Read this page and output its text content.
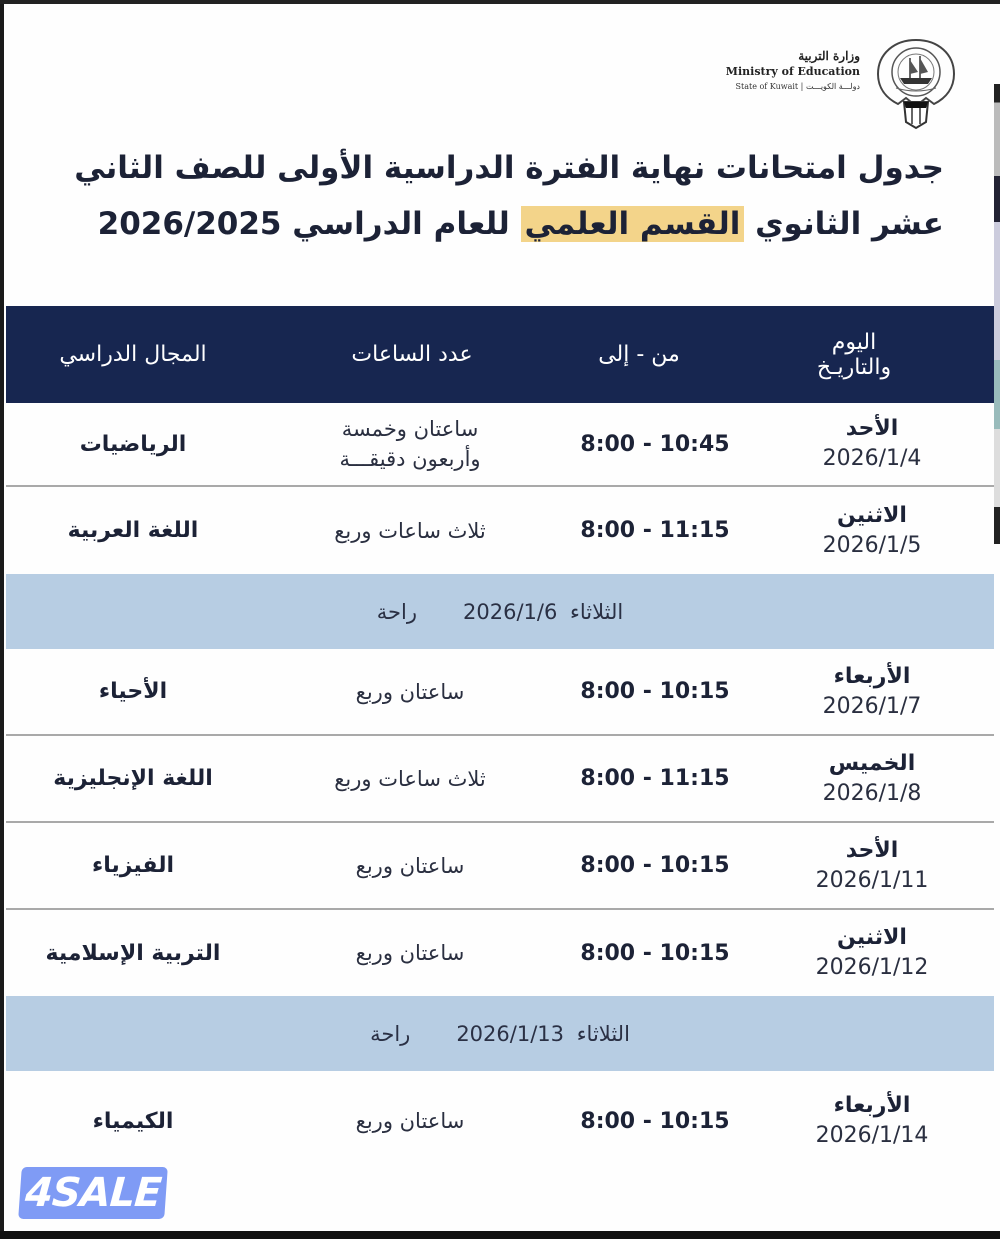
وزارة التربية
Ministry of Education
دولـــة الكويـــت | State of Kuwait
جدول امتحانات نهاية الفترة الدراسية الأولى للصف الثاني
عشر الثانوي القسم العلمي للعام الدراسي 2026/2025
اليوم
والتاريـخ
من - إلى
عدد الساعات
المجال الدراسي
الأحد
2026/1/4
8:00 - 10:45
ساعتان وخمسة
وأربعون دقيقـــة
الرياضيات
الاثنين
2026/1/5
8:00 - 11:15
ثلاث ساعات وربع
اللغة العربية
الثلاثاء 2026/1/6
راحة
الأربعاء
2026/1/7
8:00 - 10:15
ساعتان وربع
الأحياء
الخميس
2026/1/8
8:00 - 11:15
ثلاث ساعات وربع
اللغة الإنجليزية
الأحد
2026/1/11
8:00 - 10:15
ساعتان وربع
الفيزياء
الاثنين
2026/1/12
8:00 - 10:15
ساعتان وربع
التربية الإسلامية
الثلاثاء 2026/1/13
راحة
الأربعاء
2026/1/14
8:00 - 10:15
ساعتان وربع
الكيمياء
4SALE
